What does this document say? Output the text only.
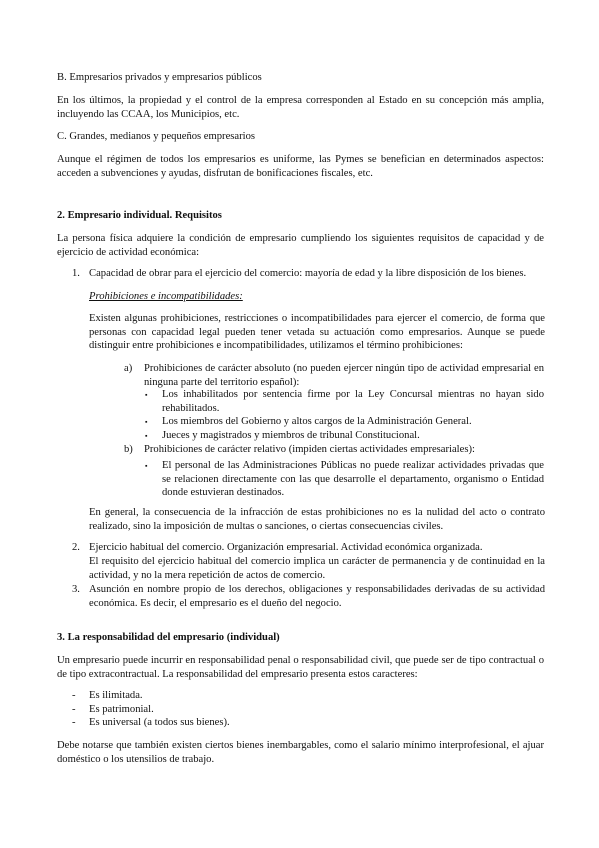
B. Empresarios privados y empresarios públicos

En los últimos, la propiedad y el control de la empresa corresponden al Estado en su concepción más amplia, incluyendo las CCAA, los Municipios, etc.

C. Grandes, medianos y pequeños empresarios

Aunque el régimen de todos los empresarios es uniforme, las Pymes se benefician en determinados aspectos: acceden a subvenciones y ayudas, disfrutan de bonificaciones fiscales, etc.

2. Empresario individual. Requisitos

La persona física adquiere la condición de empresario cumpliendo los siguientes requisitos de capacidad y de ejercicio de actividad económica:

1. Capacidad de obrar para el ejercicio del comercio: mayoría de edad y la libre disposición de los bienes.

Prohibiciones e incompatibilidades:

Existen algunas prohibiciones, restricciones o incompatibilidades para ejercer el comercio, de forma que personas con capacidad legal pueden tener vetada su actuación como empresarios. Aunque se puede distinguir entre prohibiciones e incompatibilidades, utilizamos el término prohibiciones:

a) Prohibiciones de carácter absoluto (no pueden ejercer ningún tipo de actividad empresarial en ninguna parte del territorio español):

▪ Los inhabilitados por sentencia firme por la Ley Concursal mientras no hayan sido rehabilitados.

▪ Los miembros del Gobierno y altos cargos de la Administración General.

▪ Jueces y magistrados y miembros de tribunal Constitucional.

b) Prohibiciones de carácter relativo (impiden ciertas actividades empresariales):

▪ El personal de las Administraciones Públicas no puede realizar actividades privadas que se relacionen directamente con las que desarrolle el departamento, organismo o Entidad donde estuvieran destinados.

En general, la consecuencia de la infracción de estas prohibiciones no es la nulidad del acto o contrato realizado, sino la imposición de multas o sanciones, o ciertas consecuencias civiles.

2. Ejercicio habitual del comercio. Organización empresarial. Actividad económica organizada.

El requisito del ejercicio habitual del comercio implica un carácter de permanencia y de continuidad en la actividad, y no la mera repetición de actos de comercio.

3. Asunción en nombre propio de los derechos, obligaciones y responsabilidades derivadas de su actividad económica. Es decir, el empresario es el dueño del negocio.

3. La responsabilidad del empresario (individual)

Un empresario puede incurrir en responsabilidad penal o responsabilidad civil, que puede ser de tipo contractual o de tipo extracontractual. La responsabilidad del empresario presenta estos caracteres:

- Es ilimitada.

- Es patrimonial.

- Es universal (a todos sus bienes).

Debe notarse que también existen ciertos bienes inembargables, como el salario mínimo interprofesional, el ajuar doméstico o los utensilios de trabajo.
